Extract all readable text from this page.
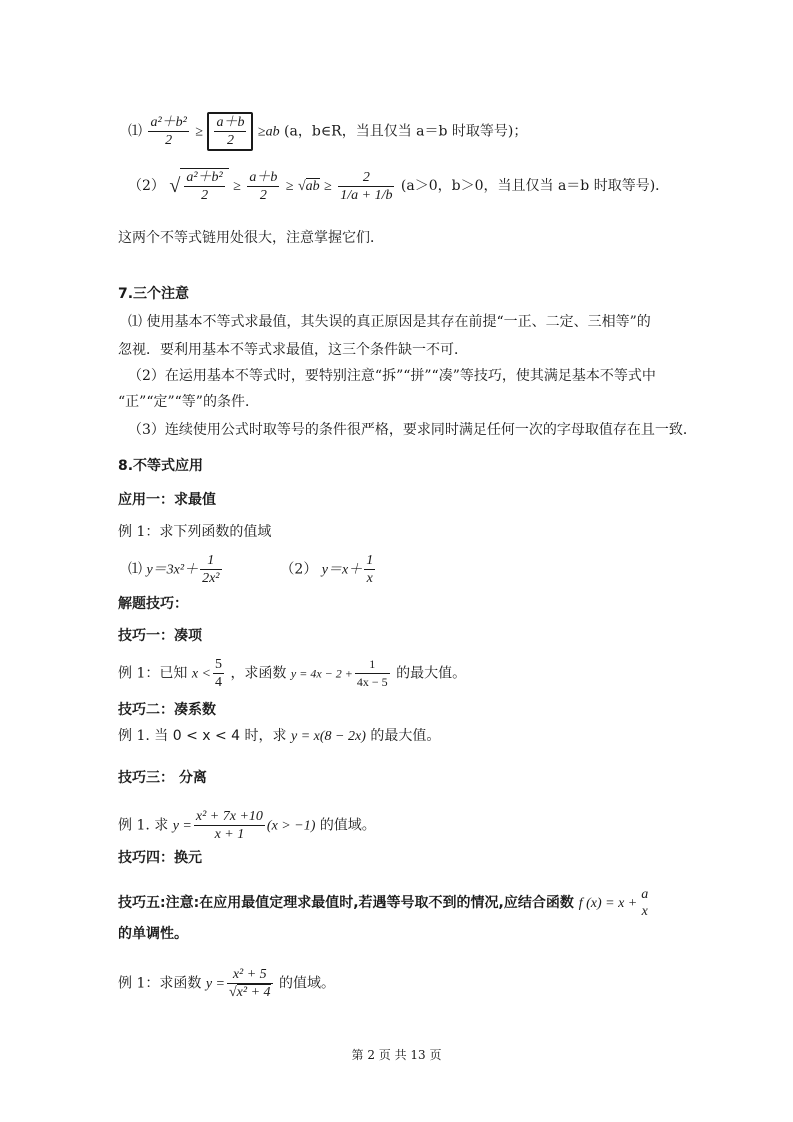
⑴ $\frac{\text{a²＋b²}}{2} \ge \frac{a+b}{2} \ge ab$ (a，b∈R，当且仅当 a＝b 时取等号)；
（2） √ $\frac{\text{a²＋b²}}{2} \ge \frac{a+b}{2} \ge √ab \ge \frac{2}{1/a + 1/b} (a>0$，b＞0，当且仅当 a＝b 时取等号)．
这两个不等式链用处很大，注意掌握它们．
7.三个注意
⑴ 使用基本不等式求最值，其失误的真正原因是其存在前提“一正、二定、三相等”的
忽视．要利用基本不等式求最值，这三个条件缺一不可．
（2）在运用基本不等式时，要特别注意“拆”“拼”“凑”等技巧，使其满足基本不等式中
“正”“定”“等”的条件．
（3）连续使用公式时取等号的条件很严格，要求同时满足任何一次的字母取值存在且一致．
8.不等式应用
应用一：求最值
例 1：求下列函数的值域
⑴ $y=3x^2+ \frac{1}{\text{2x²}}$	（2） $y=x+ \frac{1}{x}$
解题技巧：
技巧一：凑项
例 1：已知 $x < \frac{5}{4}$ ，求函数 $y = 4x - 2 + \frac{1}{4x - 5}$ 的最大值。
技巧二：凑系数
例 1. 当 0 < x < 4 时，求 y = x(8 − 2x) 的最大值。
技巧三： 分离
例 1. 求 $y = \frac{\text{x² + 7x +10}}{x + 1} (x > -1)$ 的值域。
技巧四：换元
技巧五:注意:在应用最值定理求最值时,若遇等号取不到的情况,应结合函数 f (x) = x +
a
x
的单调性。
例 1：求函数 $y = \frac{\text{x² + 5}}{\text{√x² + 4}}$ 的值域。
第 2 页 共 13 页
